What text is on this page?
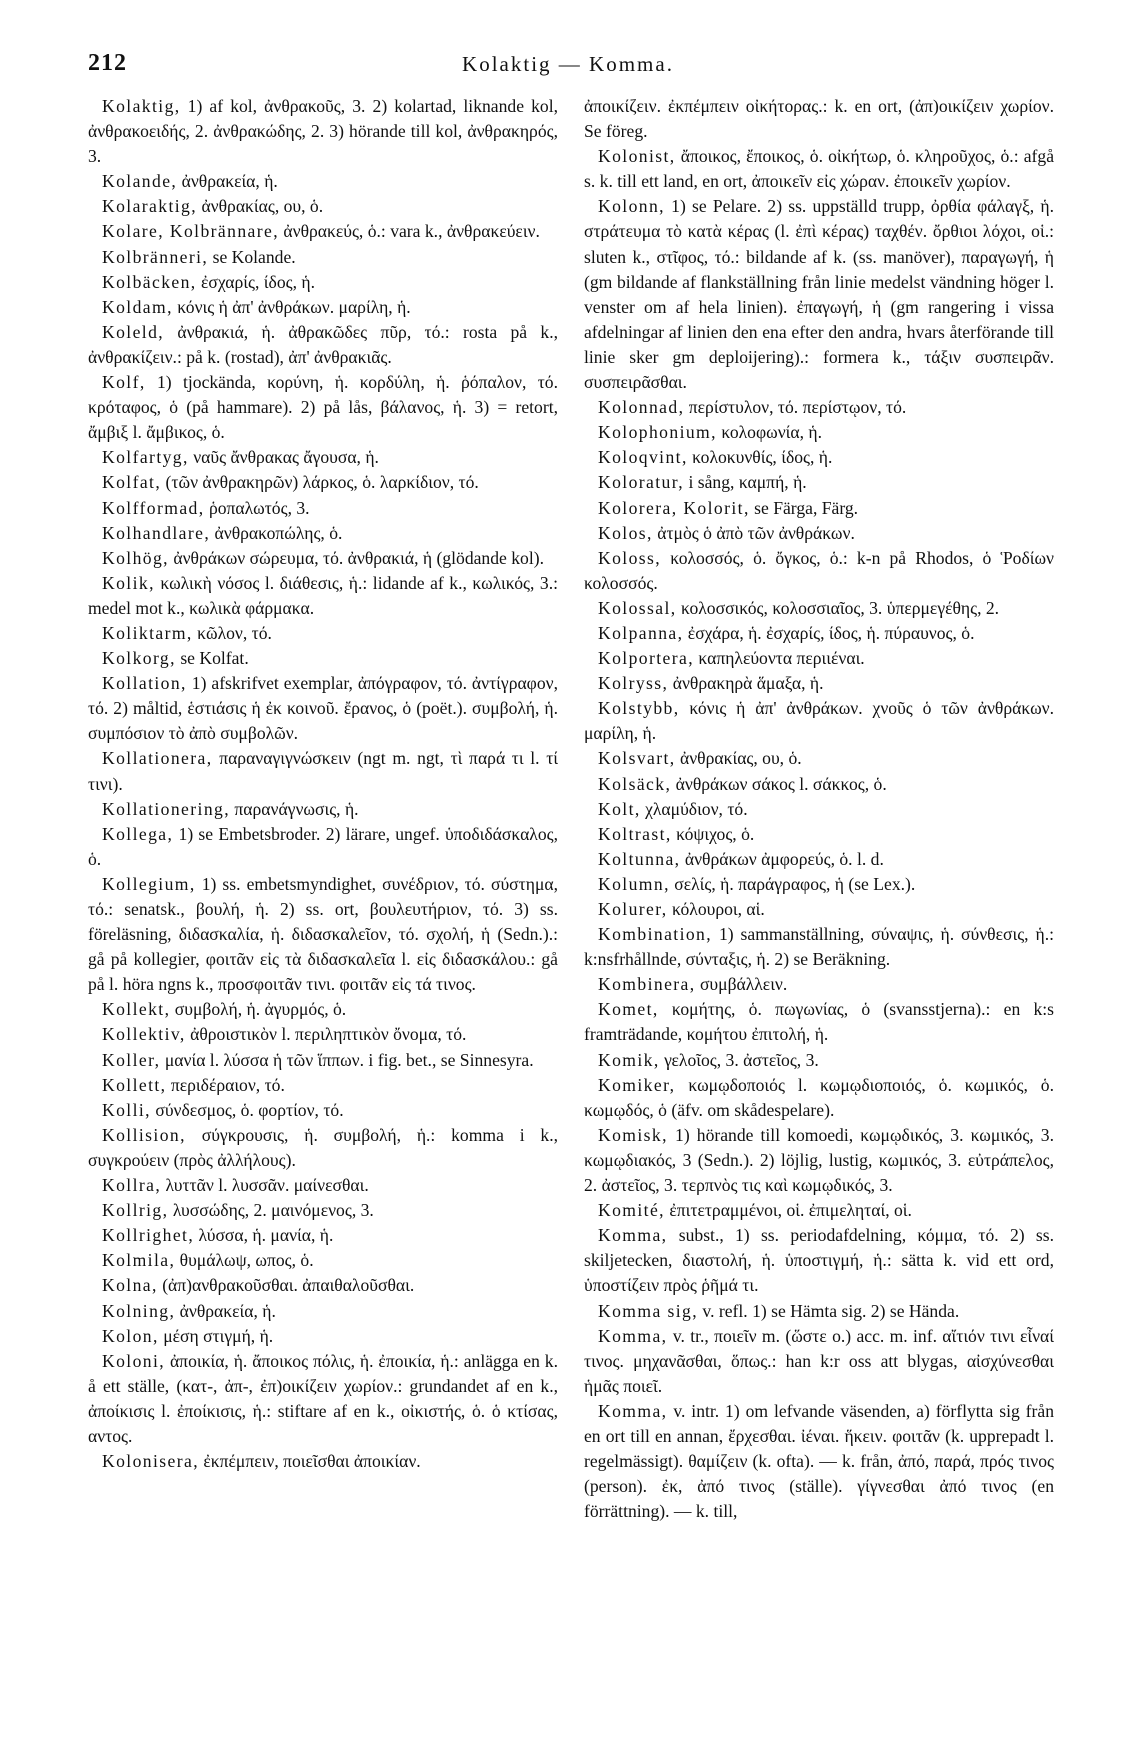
212	Kolaktig — Komma.

Kolaktig, 1) af kol, ἀνθρακοῦς, 3. 2) kolartad, liknande kol, ἀνθρακοειδής, 2. ἀνθρακώδης, 2. 3) hörande till kol, ἀνθρακηρός, 3.

Kolande, ἀνθρακεία, ἡ.

Kolaraktig, ἀνθρακίας, ου, ὁ.

Kolare, Kolbrännare, ἀνθρακεύς, ὁ.: vara k., ἀνθρακεύειν.

Kolbränneri, se Kolande.

Kolbäcken, ἐσχαρίς, ίδος, ἡ.

Koldam, κόνις ἡ ἀπ' ἀνθράκων. μαρίλη, ἡ.

Koleld, ἀνθρακιά, ἡ. ἀθρακῶδες πῦρ, τό.: rosta på k., ἀνθρακίζειν.: på k. (rostad), ἀπ' ἀνθρακιᾶς.

Kolf, 1) tjockända, κορύνη, ἡ. κορδύλη, ἡ. ῥόπαλον, τό. κρόταφος, ὁ (på hammare). 2) på lås, βάλανος, ἡ. 3) = retort, ἄμβιξ l. ἄμβικος, ὁ.

Kolfartyg, ναῦς ἄνθρακας ἄγουσα, ἡ.

Kolfat, (τῶν ἀνθρακηρῶν) λάρκος, ὁ. λαρκίδιον, τό.

Kolfformad, ῥοπαλωτός, 3.

Kolhandlare, ἀνθρακοπώλης, ὁ.

Kolhög, ἀνθράκων σώρευμα, τό. ἀνθρακιά, ἡ (glödande kol).

Kolik, κωλικὴ νόσος l. διάθεσις, ἡ.: lidande af k., κωλικός, 3.: medel mot k., κωλικὰ φάρμακα.

Koliktarm, κῶλον, τό.

Kolkorg, se Kolfat.

Kollation, 1) afskrifvet exemplar, ἀπόγραφον, τό. ἀντίγραφον, τό. 2) måltid, ἑστιάσις ἡ ἐκ κοινοῦ. ἔρανος, ὁ (poët.). συμβολή, ἡ. συμπόσιον τὸ ἀπὸ συμβολῶν.

Kollationera, παραναγιγνώσκειν (ngt m. ngt, τὶ παρά τι l. τί τινι).

Kollationering, παρανάγνωσις, ἡ.

Kollega, 1) se Embetsbroder. 2) lärare, ungef. ὑποδιδάσκαλος, ὁ.

Kollegium, 1) ss. embetsmyndighet, συνέδριον, τό. σύστημα, τό.: senatsk., βουλή, ἡ. 2) ss. ort, βουλευτήριον, τό. 3) ss. föreläsning, διδασκαλία, ἡ. διδασκαλεῖον, τό. σχολή, ἡ (Sedn.).: gå på kollegier, φοιτᾶν εἰς τὰ διδασκαλεῖα l. εἰς διδασκάλου.: gå på l. höra ngns k., προσφοιτᾶν τινι. φοιτᾶν εἰς τά τινος.

Kollekt, συμβολή, ἡ. ἀγυρμός, ὁ.

Kollektiv, ἀθροιστικὸν l. περιληπτικὸν ὄνομα, τό.

Koller, μανία l. λύσσα ἡ τῶν ἵππων. i fig. bet., se Sinnesyra.

Kollett, περιδέραιον, τό.

Kolli, σύνδεσμος, ὁ. φορτίον, τό.

Kollision, σύγκρουσις, ἡ. συμβολή, ἡ.: komma i k., συγκρούειν (πρὸς ἀλλήλους).

Kollra, λυττᾶν l. λυσσᾶν. μαίνεσθαι.

Kollrig, λυσσώδης, 2. μαινόμενος, 3.

Kollrighet, λύσσα, ἡ. μανία, ἡ.

Kolmila, θυμάλωψ, ωπος, ὁ.

Kolna, (ἀπ)ανθρακοῦσθαι. ἀπαιθαλοῦσθαι.

Kolning, ἀνθρακεία, ἡ.

Kolon, μέση στιγμή, ἡ.

Koloni, ἀποικία, ἡ. ἄποικος πόλις, ἡ. ἐποικία, ἡ.: anlägga en k. å ett ställe, (κατ-, ἀπ-, ἐπ)οικίζειν χωρίον.: grundandet af en k., ἀποίκισις l. ἐποίκισις, ἡ.: stiftare af en k., οἰκιστής, ὁ. ὁ κτίσας, αντος.

Kolonisera, ἐκπέμπειν, ποιεῖσθαι ἀποικίαν.

ἀποικίζειν. ἐκπέμπειν οἰκήτορας.: k. en ort, (ἀπ)οικίζειν χωρίον. Se föreg.

Kolonist, ἄποικος, ἔποικος, ὁ. οἰκήτωρ, ὁ. κληροῦχος, ὁ.: afgå s. k. till ett land, en ort, ἀποικεῖν εἰς χώραν. ἐποικεῖν χωρίον.

Kolonn, 1) se Pelare. 2) ss. uppställd trupp, ὀρθία φάλαγξ, ἡ. στράτευμα τὸ κατὰ κέρας (l. ἐπὶ κέρας) ταχθέν. ὄρθιοι λόχοι, οἱ.: sluten k., στῖφος, τό.: bildande af k. (ss. manöver), παραγωγή, ἡ (gm bildande af flankställning från linie medelst vändning höger l. venster om af hela linien). ἐπαγωγή, ἡ (gm rangering i vissa afdelningar af linien den ena efter den andra, hvars återförande till linie sker gm deploijering).: formera k., τάξιν συσπειρᾶν. συσπειρᾶσθαι.

Kolonnad, περίστυλον, τό. περίστῳον, τό.

Kolophonium, κολοφωνία, ἡ.

Koloqvint, κολοκυνθίς, ίδος, ἡ.

Koloratur, i sång, καμπή, ἡ.

Kolorera, Kolorit, se Färga, Färg.

Kolos, ἀτμὸς ὁ ἀπὸ τῶν ἀνθράκων.

Koloss, κολοσσός, ὁ. ὄγκος, ὁ.: k-n på Rhodos, ὁ Ῥοδίων κολοσσός.

Kolossal, κολοσσικός, κολοσσιαῖος, 3. ὑπερμεγέθης, 2.

Kolpanna, ἐσχάρα, ἡ. ἐσχαρίς, ίδος, ἡ. πύραυνος, ὁ.

Kolportera, καπηλεύοντα περιιέναι.

Kolryss, ἀνθρακηρὰ ἅμαξα, ἡ.

Kolstybb, κόνις ἡ ἀπ' ἀνθράκων. χνοῦς ὁ τῶν ἀνθράκων. μαρίλη, ἡ.

Kolsvart, ἀνθρακίας, ου, ὁ.

Kolsäck, ἀνθράκων σάκος l. σάκκος, ὁ.

Kolt, χλαμύδιον, τό.

Koltrast, κόψιχος, ὁ.

Koltunna, ἀνθράκων ἀμφορεύς, ὁ. l. d.

Kolumn, σελίς, ἡ. παράγραφος, ἡ (se Lex.).

Kolurer, κόλουροι, αἱ.

Kombination, 1) sammanställning, σύναψις, ἡ. σύνθεσις, ἡ.: k:nsfrhållnde, σύνταξις, ἡ. 2) se Beräkning.

Kombinera, συμβάλλειν.

Komet, κομήτης, ὁ. πωγωνίας, ὁ (svansstjerna).: en k:s framträdande, κομήτου ἐπιτολή, ἡ.

Komik, γελοῖος, 3. ἀστεῖος, 3.

Komiker, κωμῳδοποιός l. κωμῳδιοποιός, ὁ. κωμικός, ὁ. κωμῳδός, ὁ (äfv. om skådespelare).

Komisk, 1) hörande till komoedi, κωμῳδικός, 3. κωμικός, 3. κωμῳδιακός, 3 (Sedn.). 2) löjlig, lustig, κωμικός, 3. εὐτράπελος, 2. ἀστεῖος, 3. τερπνὸς τις καὶ κωμῳδικός, 3.

Komité, ἐπιτετραμμένοι, οἱ. ἐπιμεληταί, οἱ.

Komma, subst., 1) ss. periodafdelning, κόμμα, τό. 2) ss. skiljetecken, διαστολή, ἡ. ὑποστιγμή, ἡ.: sätta k. vid ett ord, ὑποστίζειν πρὸς ῥῆμά τι.

Komma sig, v. refl. 1) se Hämta sig. 2) se Hända.

Komma, v. tr., ποιεῖν m. (ὥστε o.) acc. m. inf. αἴτιόν τινι εἶναί τινος. μηχανᾶσθαι, ὅπως.: han k:r oss att blygas, αἰσχύνεσθαι ἡμᾶς ποιεῖ.

Komma, v. intr. 1) om lefvande väsenden, a) förflytta sig från en ort till en annan, ἔρχεσθαι. ἰέναι. ἥκειν. φοιτᾶν (k. upprepadt l. regelmässigt). θαμίζειν (k. ofta). — k. från, ἀπό, παρά, πρός τινος (person). ἐκ, ἀπό τινος (ställe). γίγνεσθαι ἀπό τινος (en förrättning). — k. till,
